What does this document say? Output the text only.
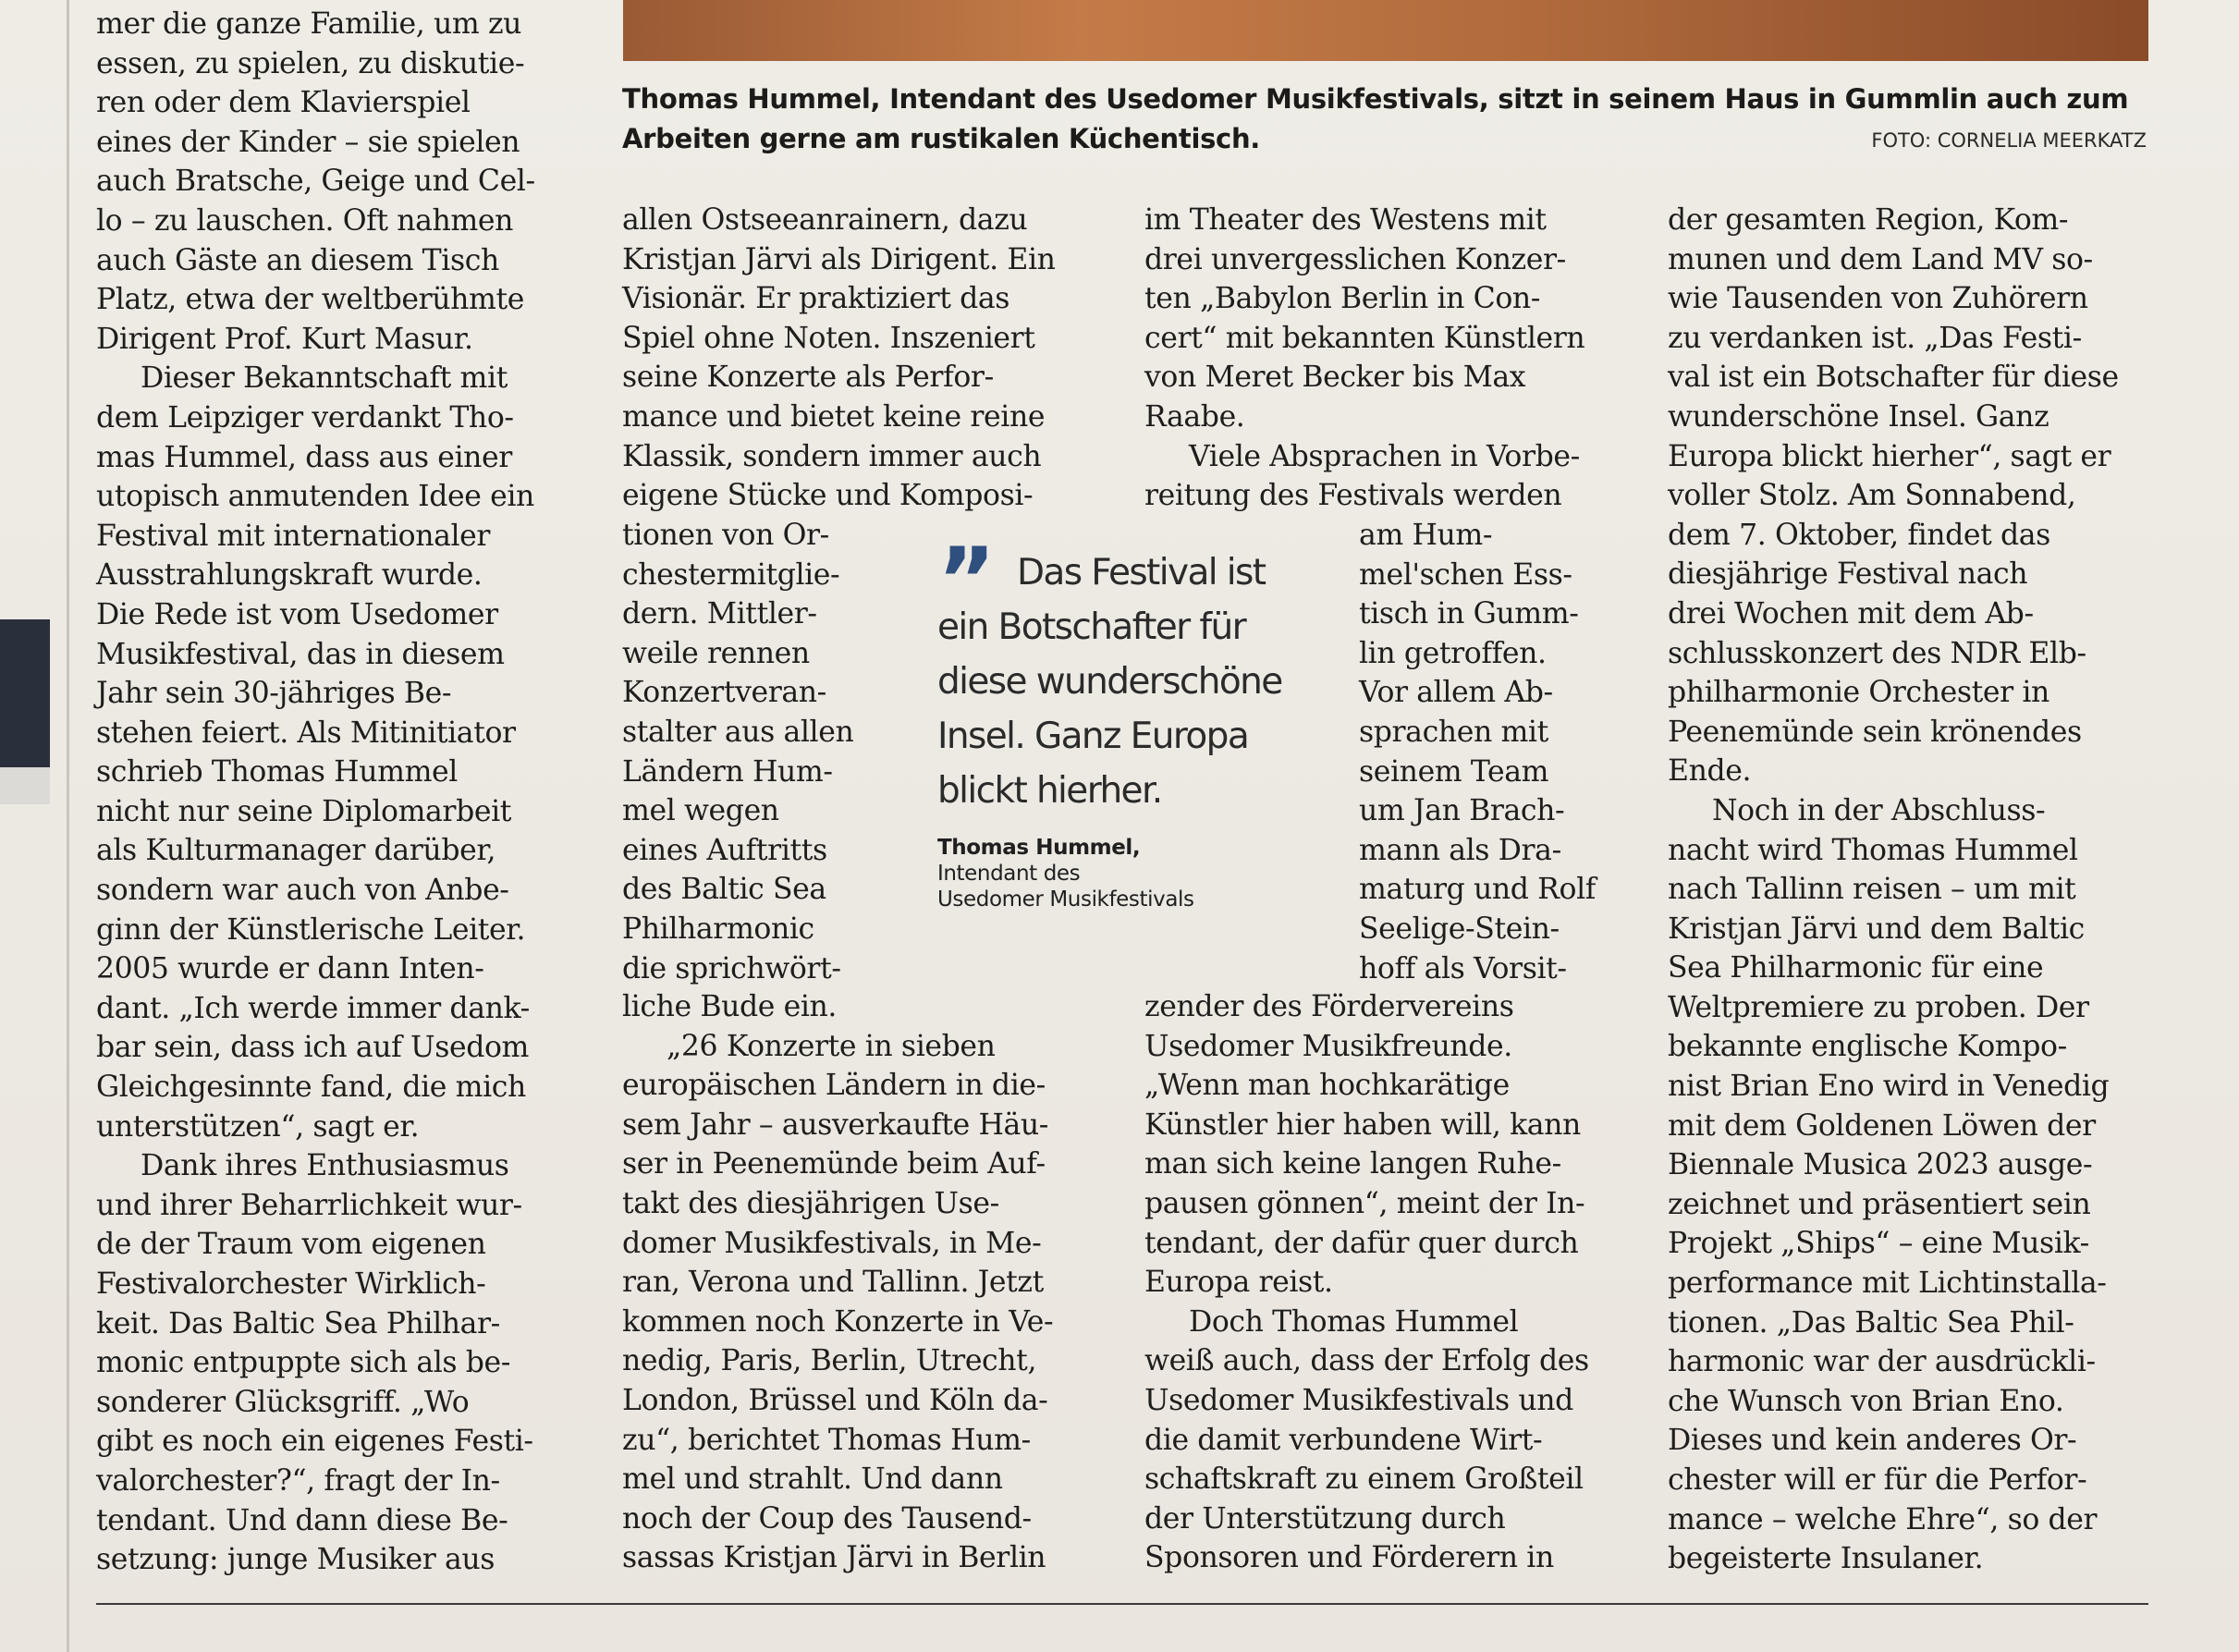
Thomas Hummel, Intendant des Usedomer Musikfestivals, sitzt in seinem Haus in Gummlin auch zum
Arbeiten gerne am rustikalen Küchentisch.	FOTO: CORNELIA MEERKATZ
mer die ganze Familie, um zu
essen, zu spielen, zu diskutie-
ren oder dem Klavierspiel
eines der Kinder – sie spielen
auch Bratsche, Geige und Cel-
lo – zu lauschen. Oft nahmen
auch Gäste an diesem Tisch
Platz, etwa der weltberühmte
Dirigent Prof. Kurt Masur.
Dieser Bekanntschaft mit
dem Leipziger verdankt Tho-
mas Hummel, dass aus einer
utopisch anmutenden Idee ein
Festival mit internationaler
Ausstrahlungskraft wurde.
Die Rede ist vom Usedomer
Musikfestival, das in diesem
Jahr sein 30-jähriges Be-
stehen feiert. Als Mitinitiator
schrieb Thomas Hummel
nicht nur seine Diplomarbeit
als Kulturmanager darüber,
sondern war auch von Anbe-
ginn der Künstlerische Leiter.
2005 wurde er dann Inten-
dant. „Ich werde immer dank-
bar sein, dass ich auf Usedom
Gleichgesinnte fand, die mich
unterstützen“, sagt er.
Dank ihres Enthusiasmus
und ihrer Beharrlichkeit wur-
de der Traum vom eigenen
Festivalorchester Wirklich-
keit. Das Baltic Sea Philhar-
monic entpuppte sich als be-
sonderer Glücksgriff. „Wo
gibt es noch ein eigenes Festi-
valorchester?“, fragt der In-
tendant. Und dann diese Be-
setzung: junge Musiker aus
allen Ostseeanrainern, dazu
Kristjan Järvi als Dirigent. Ein
Visionär. Er praktiziert das
Spiel ohne Noten. Inszeniert
seine Konzerte als Perfor-
mance und bietet keine reine
Klassik, sondern immer auch
eigene Stücke und Komposi-
tionen von Or-
chestermitglie-
dern. Mittler-
weile rennen
Konzertveran-
stalter aus allen
Ländern Hum-
mel wegen
eines Auftritts
des Baltic Sea
Philharmonic
die sprichwört-
liche Bude ein.
„26 Konzerte in sieben
europäischen Ländern in die-
sem Jahr – ausverkaufte Häu-
ser in Peenemünde beim Auf-
takt des diesjährigen Use-
domer Musikfestivals, in Me-
ran, Verona und Tallinn. Jetzt
kommen noch Konzerte in Ve-
nedig, Paris, Berlin, Utrecht,
London, Brüssel und Köln da-
zu“, berichtet Thomas Hum-
mel und strahlt. Und dann
noch der Coup des Tausend-
sassas Kristjan Järvi in Berlin
” Das Festival ist
ein Botschafter für
diese wunderschöne
Insel. Ganz Europa
blickt hierher.
Thomas Hummel,
Intendant des
Usedomer Musikfestivals
im Theater des Westens mit
drei unvergesslichen Konzer-
ten „Babylon Berlin in Con-
cert“ mit bekannten Künstlern
von Meret Becker bis Max
Raabe.
Viele Absprachen in Vorbe-
reitung des Festivals werden
am Hum-
mel'schen Ess-
tisch in Gumm-
lin getroffen.
Vor allem Ab-
sprachen mit
seinem Team
um Jan Brach-
mann als Dra-
maturg und Rolf
Seelige-Stein-
hoff als Vorsit-
zender des Fördervereins
Usedomer Musikfreunde.
„Wenn man hochkarätige
Künstler hier haben will, kann
man sich keine langen Ruhe-
pausen gönnen“, meint der In-
tendant, der dafür quer durch
Europa reist.
Doch Thomas Hummel
weiß auch, dass der Erfolg des
Usedomer Musikfestivals und
die damit verbundene Wirt-
schaftskraft zu einem Großteil
der Unterstützung durch
Sponsoren und Förderern in
der gesamten Region, Kom-
munen und dem Land MV so-
wie Tausenden von Zuhörern
zu verdanken ist. „Das Festi-
val ist ein Botschafter für diese
wunderschöne Insel. Ganz
Europa blickt hierher“, sagt er
voller Stolz. Am Sonnabend,
dem 7. Oktober, findet das
diesjährige Festival nach
drei Wochen mit dem Ab-
schlusskonzert des NDR Elb-
philharmonie Orchester in
Peenemünde sein krönendes
Ende.
Noch in der Abschluss-
nacht wird Thomas Hummel
nach Tallinn reisen – um mit
Kristjan Järvi und dem Baltic
Sea Philharmonic für eine
Weltpremiere zu proben. Der
bekannte englische Kompo-
nist Brian Eno wird in Venedig
mit dem Goldenen Löwen der
Biennale Musica 2023 ausge-
zeichnet und präsentiert sein
Projekt „Ships“ – eine Musik-
performance mit Lichtinstalla-
tionen. „Das Baltic Sea Phil-
harmonic war der ausdrückli-
che Wunsch von Brian Eno.
Dieses und kein anderes Or-
chester will er für die Perfor-
mance – welche Ehre“, so der
begeisterte Insulaner.
